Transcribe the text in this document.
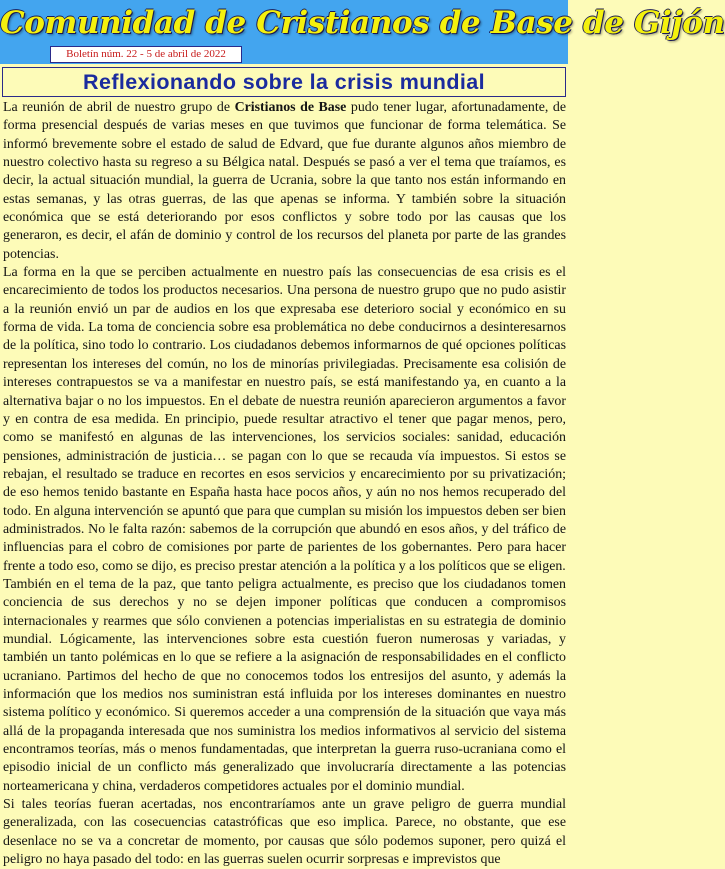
Comunidad de Cristianos de Base de Gijón
Boletín núm. 22 - 5 de abril de 2022
Reflexionando sobre la crisis mundial

La reunión de abril de nuestro grupo de Cristianos de Base pudo tener lugar, afortunadamente, de forma presencial después de varias meses en que tuvimos que funcionar de forma telemática. Se informó brevemente sobre el estado de salud de Edvard, que fue durante algunos años miembro de nuestro colectivo hasta su regreso a su Bélgica natal. Después se pasó a ver el tema que traíamos, es decir, la actual situación mundial, la guerra de Ucrania, sobre la que tanto nos están informando en estas semanas, y las otras guerras, de las que apenas se informa. Y también sobre la situación económica que se está deteriorando por esos conflictos y sobre todo por las causas que los generaron, es decir, el afán de dominio y control de los recursos del planeta por parte de las grandes potencias.

La forma en la que se perciben actualmente en nuestro país las consecuencias de esa crisis es el encarecimiento de todos los productos necesarios. Una persona de nuestro grupo que no pudo asistir a la reunión envió un par de audios en los que expresaba ese deterioro social y económico en su forma de vida. La toma de conciencia sobre esa problemática no debe conducirnos a desinteresarnos de la política, sino todo lo contrario. Los ciudadanos debemos informarnos de qué opciones políticas representan los intereses del común, no los de minorías privilegiadas. Precisamente esa colisión de intereses contrapuestos se va a manifestar en nuestro país, se está manifestando ya, en cuanto a la alternativa bajar o no los impuestos. En el debate de nuestra reunión aparecieron argumentos a favor y en contra de esa medida. En principio, puede resultar atractivo el tener que pagar menos, pero, como se manifestó en algunas de las intervenciones, los servicios sociales: sanidad, educación pensiones, administración de justicia… se pagan con lo que se recauda vía impuestos. Si estos se rebajan, el resultado se traduce en recortes en esos servicios y encarecimiento por su privatización; de eso hemos tenido bastante en España hasta hace pocos años, y aún no nos hemos recuperado del todo. En alguna intervención se apuntó que para que cumplan su misión los impuestos deben ser bien administrados. No le falta razón: sabemos de la corrupción que abundó en esos años, y del tráfico de influencias para el cobro de comisiones por parte de parientes de los gobernantes. Pero para hacer frente a todo eso, como se dijo, es preciso prestar atención a la política y a los políticos que se eligen.

También en el tema de la paz, que tanto peligra actualmente, es preciso que los ciudadanos tomen conciencia de sus derechos y no se dejen imponer políticas que conducen a compromisos internacionales y rearmes que sólo convienen a potencias imperialistas en su estrategia de dominio mundial. Lógicamente, las intervenciones sobre esta cuestión fueron numerosas y variadas, y también un tanto polémicas en lo que se refiere a la asignación de responsabilidades en el conflicto ucraniano. Partimos del hecho de que no conocemos todos los entresijos del asunto, y además la información que los medios nos suministran está influida por los intereses dominantes en nuestro sistema político y económico. Si queremos acceder a una comprensión de la situación que vaya más allá de la propaganda interesada que nos suministra los medios informativos al servicio del sistema encontramos teorías, más o menos fundamentadas, que interpretan la guerra ruso-ucraniana como el episodio inicial de un conflicto más generalizado que involucraría directamente a las potencias norteamericana y china, verdaderos competidores actuales por el dominio mundial.

Si tales teorías fueran acertadas, nos encontraríamos ante un grave peligro de guerra mundial generalizada, con las cosecuencias catastróficas que eso implica. Parece, no obstante, que ese desenlace no se va a concretar de momento, por causas que sólo podemos suponer, pero quizá el peligro no haya pasado del todo: en las guerras suelen ocurrir sorpresas e imprevistos que
